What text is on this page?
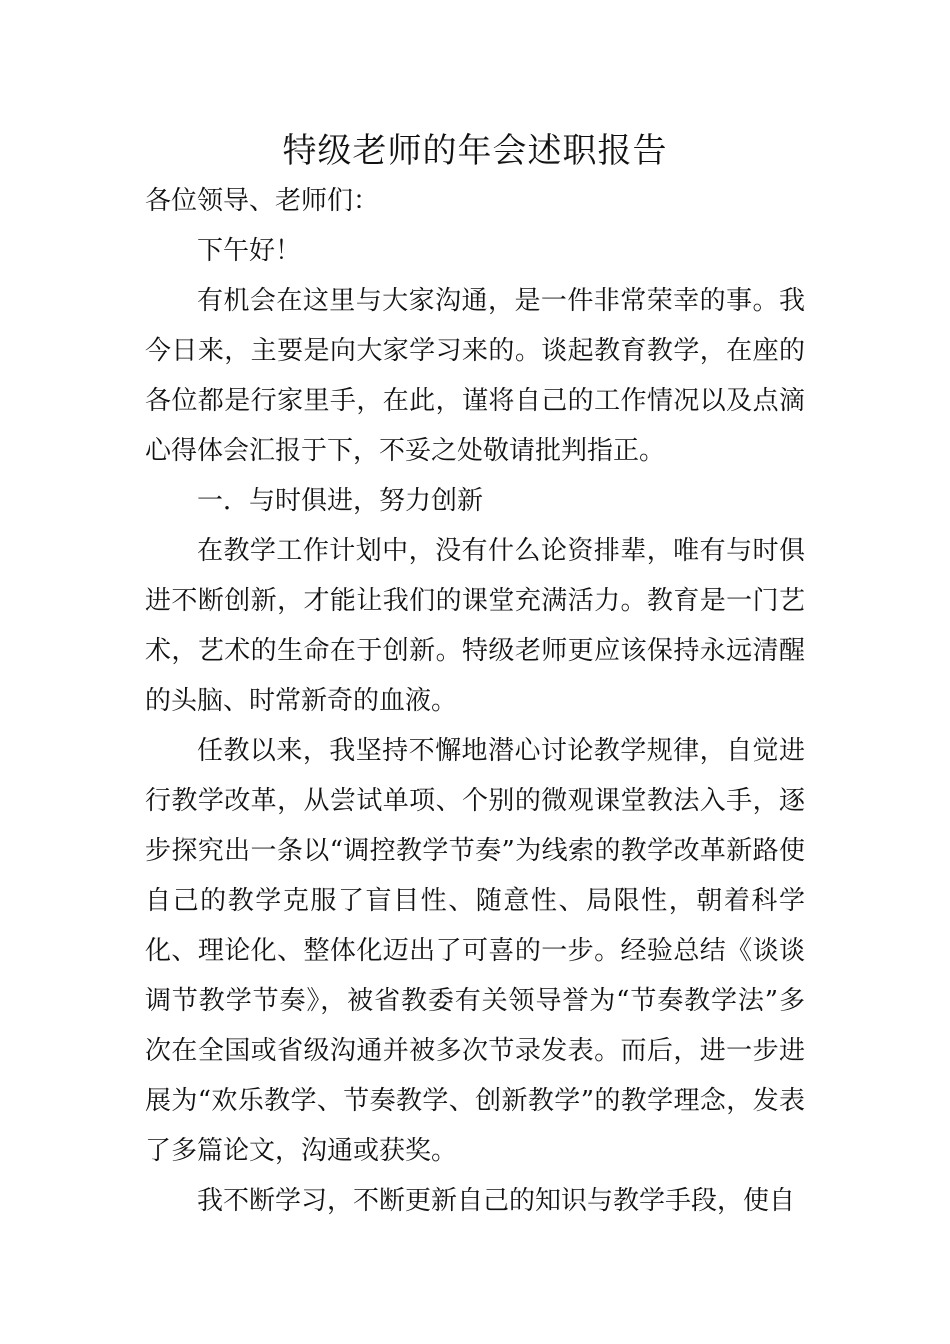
特级老师的年会述职报告

各位领导、老师们：

下午好！

有机会在这里与大家沟通，是一件非常荣幸的事。我今日来，主要是向大家学习来的。谈起教育教学，在座的各位都是行家里手，在此，谨将自己的工作情况以及点滴心得体会汇报于下，不妥之处敬请批判指正。

一．与时俱进，努力创新

在教学工作计划中，没有什么论资排辈，唯有与时俱进不断创新，才能让我们的课堂充满活力。教育是一门艺术，艺术的生命在于创新。特级老师更应该保持永远清醒的头脑、时常新奇的血液。

任教以来，我坚持不懈地潜心讨论教学规律，自觉进行教学改革，从尝试单项、个别的微观课堂教法入手，逐步探究出一条以“调控教学节奏”为线索的教学改革新路使自己的教学克服了盲目性、随意性、局限性，朝着科学化、理论化、整体化迈出了可喜的一步。经验总结《谈谈调节教学节奏》，被省教委有关领导誉为“节奏教学法”多次在全国或省级沟通并被多次节录发表。而后，进一步进展为“欢乐教学、节奏教学、创新教学”的教学理念，发表了多篇论文，沟通或获奖。

我不断学习，不断更新自己的知识与教学手段，使自
